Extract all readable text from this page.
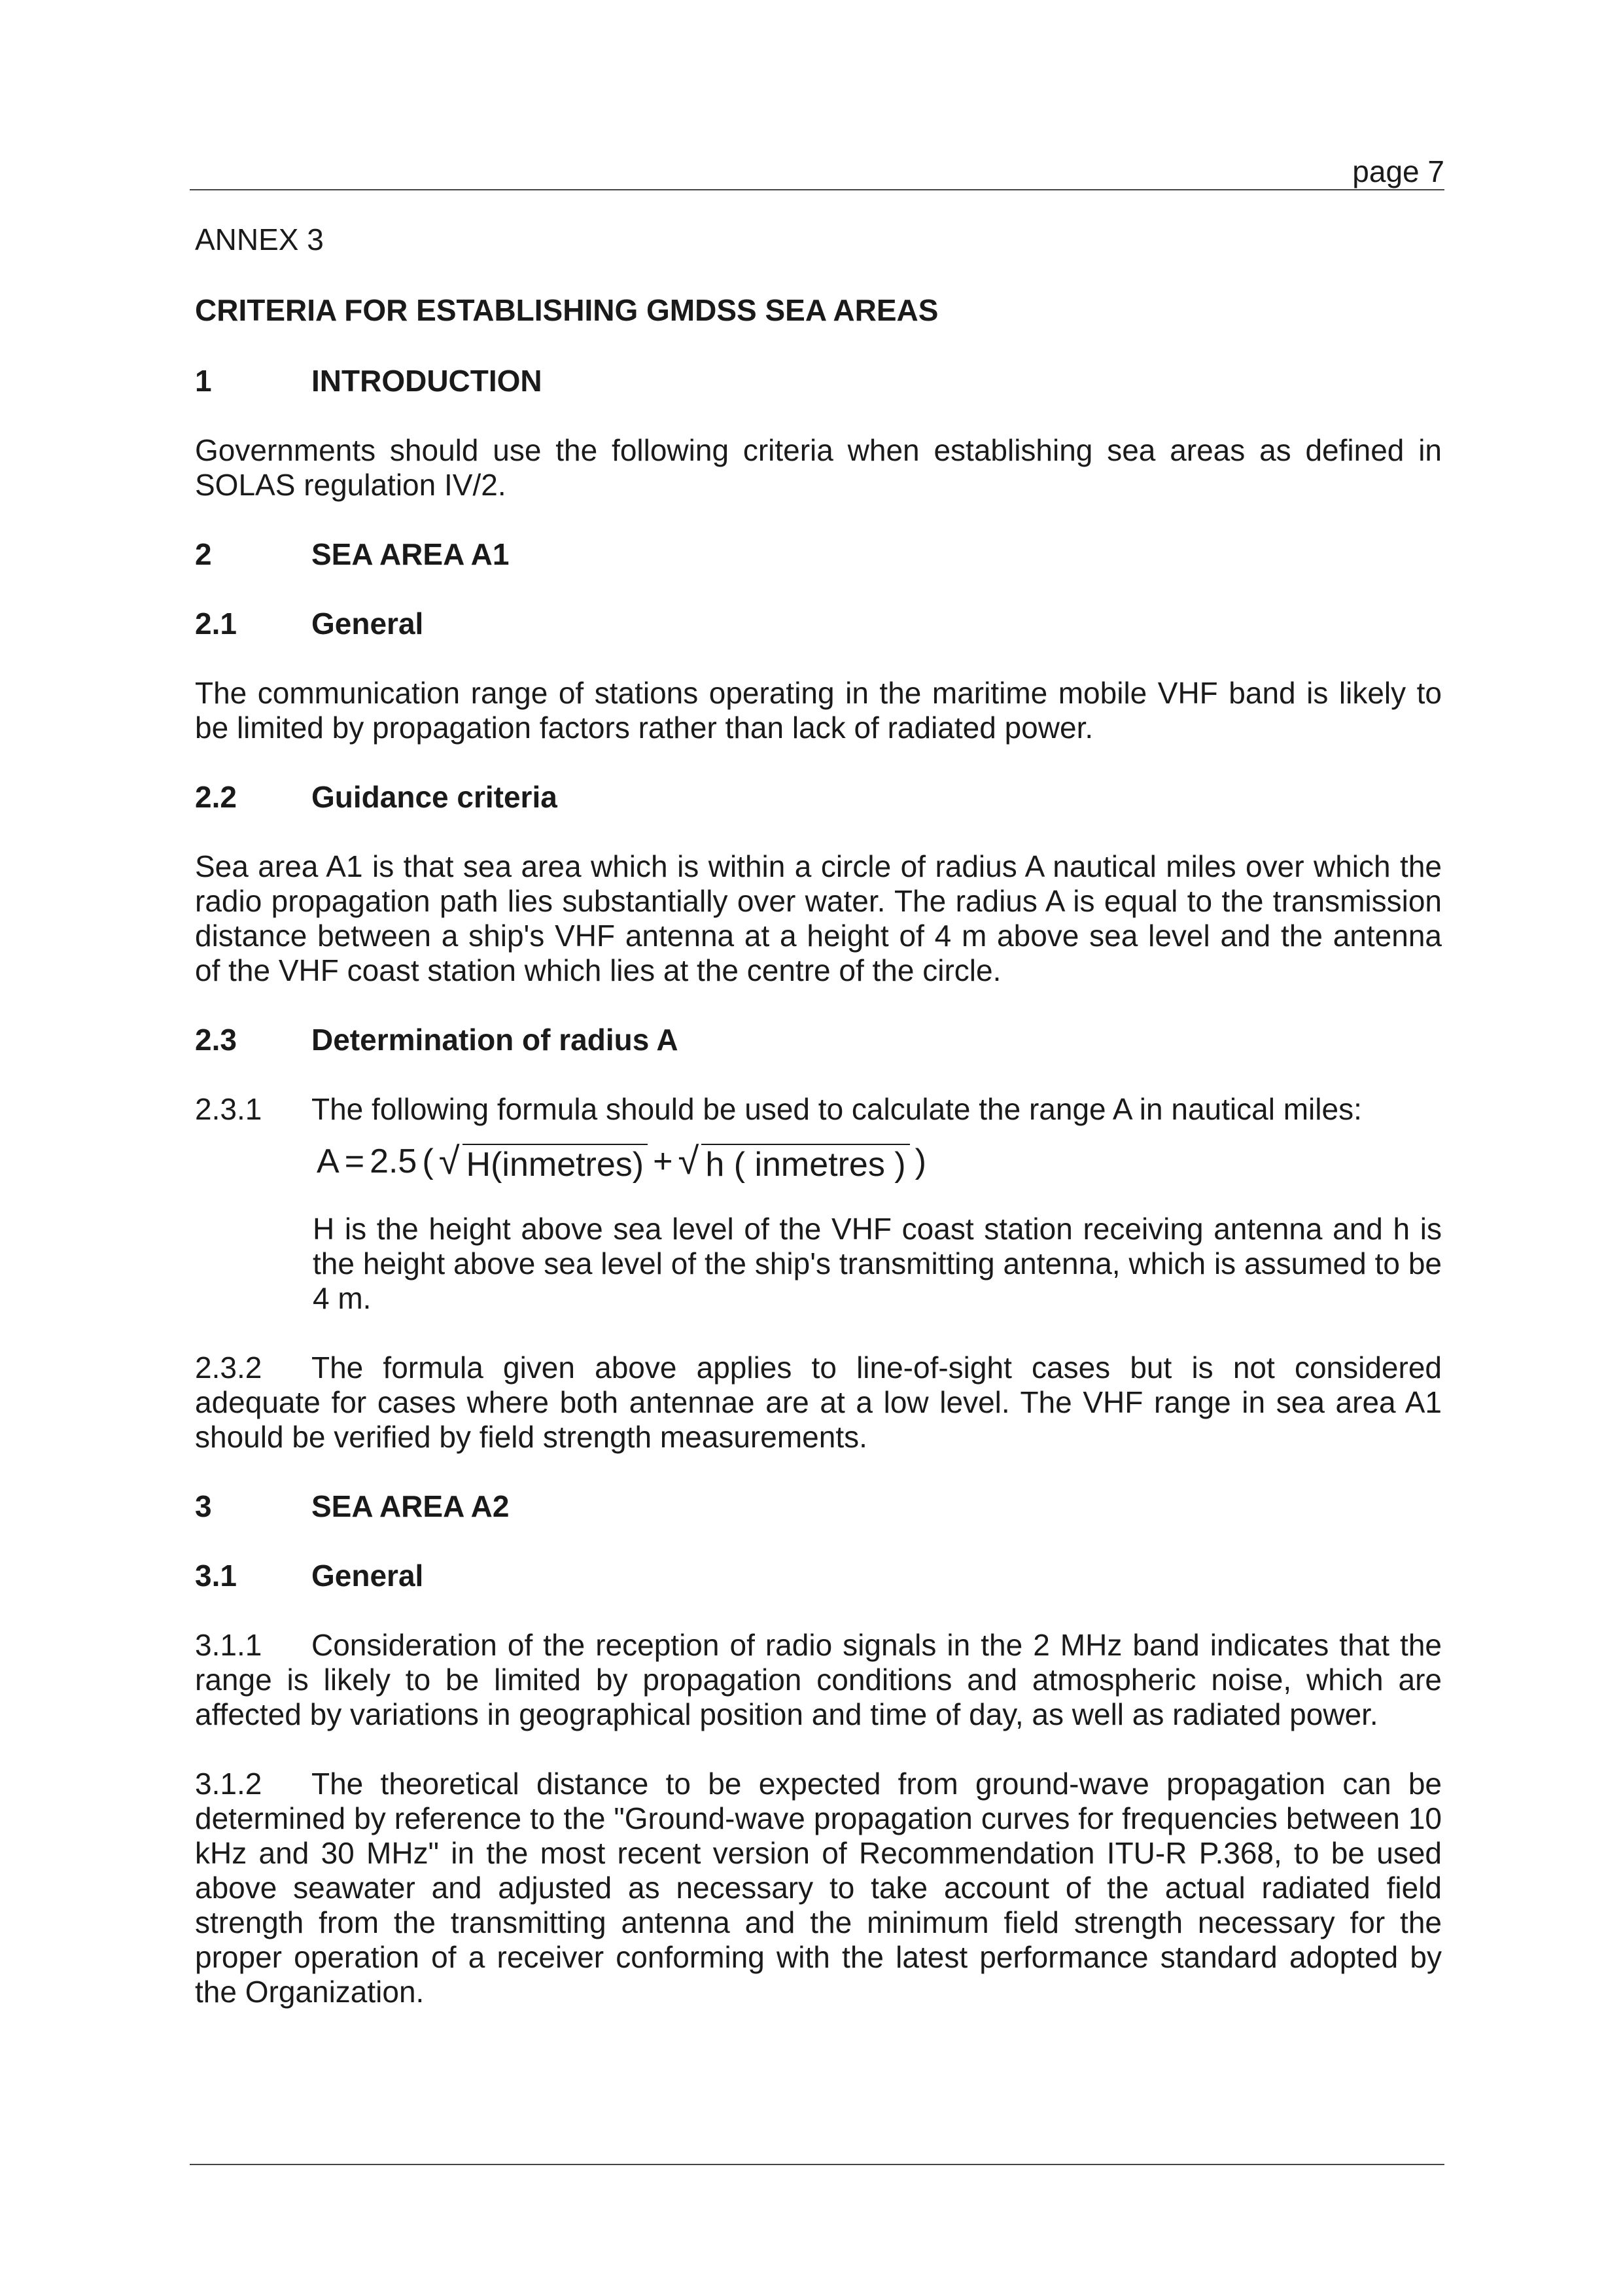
page 7

ANNEX 3

CRITERIA FOR ESTABLISHING GMDSS SEA AREAS

1	INTRODUCTION

Governments should use the following criteria when establishing sea areas as defined in SOLAS regulation IV/2.

2	SEA AREA A1
2.1	General

The communication range of stations operating in the maritime mobile VHF band is likely to be limited by propagation factors rather than lack of radiated power.

2.2	Guidance criteria

Sea area A1 is that sea area which is within a circle of radius A nautical miles over which the radio propagation path lies substantially over water. The radius A is equal to the transmission distance between a ship's VHF antenna at a height of 4 m above sea level and the antenna of the VHF coast station which lies at the centre of the circle.

2.3	Determination of radius A

2.3.1 The following formula should be used to calculate the range A in nautical miles:

A = 2.5 ( √ H(inmetres) + √ h ( inmetres ) )

H is the height above sea level of the VHF coast station receiving antenna and h is the height above sea level of the ship's transmitting antenna, which is assumed to be 4 m.

2.3.2 The formula given above applies to line-of-sight cases but is not considered adequate for cases where both antennae are at a low level. The VHF range in sea area A1 should be verified by field strength measurements.

3	SEA AREA A2
3.1	General

3.1.1 Consideration of the reception of radio signals in the 2 MHz band indicates that the range is likely to be limited by propagation conditions and atmospheric noise, which are affected by variations in geographical position and time of day, as well as radiated power.

3.1.2 The theoretical distance to be expected from ground-wave propagation can be determined by reference to the "Ground-wave propagation curves for frequencies between 10 kHz and 30 MHz" in the most recent version of Recommendation ITU-R P.368, to be used above seawater and adjusted as necessary to take account of the actual radiated field strength from the transmitting antenna and the minimum field strength necessary for the proper operation of a receiver conforming with the latest performance standard adopted by the Organization.
